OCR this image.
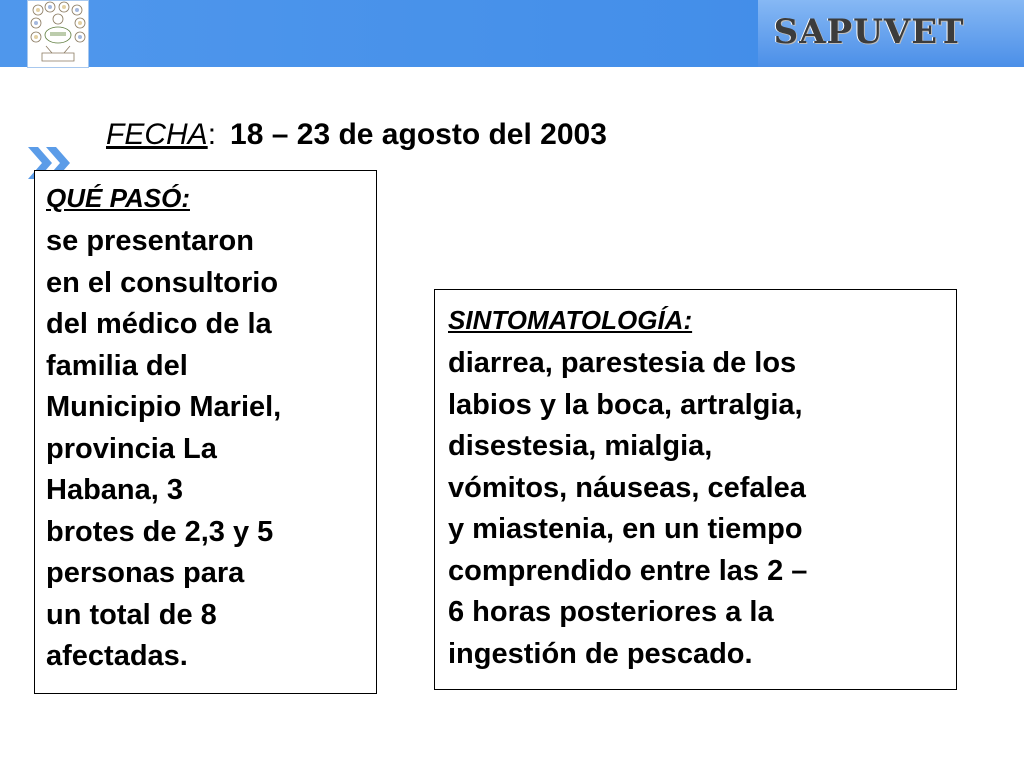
SAPUVET
FECHA: 18 – 23 de agosto del 2003
QUÉ PASÓ:
se presentaron
en el consultorio
del médico de la
familia del
Municipio Mariel,
provincia La
Habana, 3
brotes de 2,3 y 5
personas para
un total de 8
afectadas.
SINTOMATOLOGÍA:
diarrea, parestesia de los
labios y la boca, artralgia,
disestesia, mialgia,
vómitos, náuseas, cefalea
y miastenia, en un tiempo
comprendido entre las 2 –
6 horas posteriores a la
ingestión de pescado.
